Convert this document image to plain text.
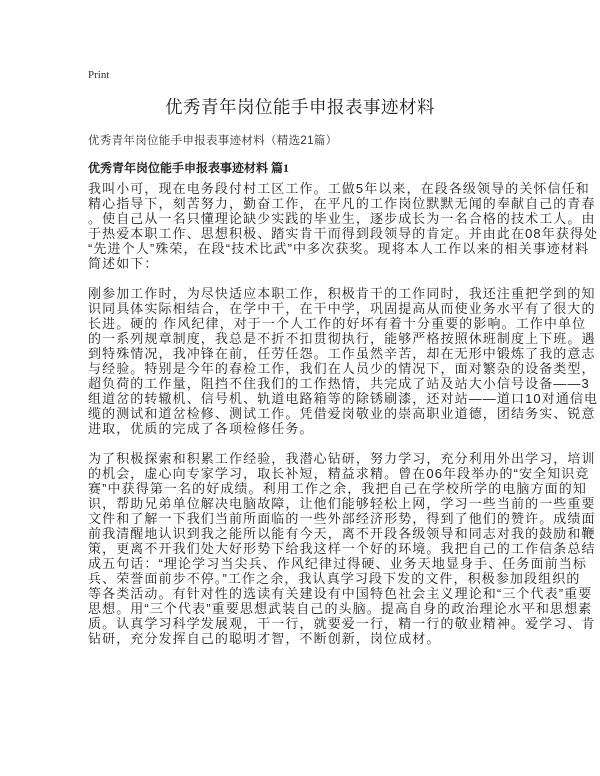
Print
优秀青年岗位能手申报表事迹材料
优秀青年岗位能手申报表事迹材料（精选21篇）
优秀青年岗位能手申报表事迹材料 篇1
我叫小可，现在电务段付村工区工作。工做5年以来，在段各级领导的关怀信任和
精心指导下，刻苦努力，勤奋工作，在平凡的工作岗位默默无闻的奉献自己的青春
。使自己从一名只懂理论缺少实践的毕业生，逐步成长为一名合格的技术工人。由
于热爱本职工作、思想积极、踏实肯干而得到段领导的肯定。并由此在08年获得处
“先进个人”殊荣，在段“技术比武”中多次获奖。现将本人工作以来的相关事迹材料
简述如下：
刚参加工作时，为尽快适应本职工作，积极肯干的工作同时，我还注重把学到的知
识同具体实际相结合，在学中干，在干中学，巩固提高从而使业务水平有了很大的
长进。硬的 作风纪律，对于一个人工作的好坏有着十分重要的影响。工作中单位
的一系列规章制度，我总是不折不扣贯彻执行，能够严格按照休班制度上下班。遇
到特殊情况，我冲锋在前，任劳任怨。工作虽然辛苦，却在无形中锻炼了我的意志
与经验。特别是今年的春检工作，我们在人员少的情况下，面对繁杂的设备类型，
超负荷的工作量，阻挡不住我们的工作热情，共完成了站及站大小信号设备——3
组道岔的转辙机、信号机、轨道电路箱等的除锈刷漆，还对站——道口10对通信电
缆的测试和道岔检修、测试工作。凭借爱岗敬业的崇高职业道德，团结务实、锐意
进取，优质的完成了各项检修任务。
为了积极探索和积累工作经验，我潜心钻研，努力学习，充分利用外出学习，培训
的机会，虚心向专家学习，取长补短，精益求精。曾在06年段举办的“安全知识竞
赛”中获得第一名的好成绩。利用工作之余，我把自己在学校所学的电脑方面的知
识，帮助兄弟单位解决电脑故障，让他们能够轻松上网，学习一些当前的一些重要
文件和了解一下我们当前所面临的一些外部经济形势，得到了他们的赞许。成绩面
前我清醒地认识到我之能所以能有今天，离不开段各级领导和同志对我的鼓励和鞭
策，更离不开我们处大好形势下给我这样一个好的环境。我把自己的工作信条总结
成五句话：“理论学习当尖兵、作风纪律过得硬、业务天地显身手、任务面前当标
兵、荣誉面前步不停。”工作之余，我认真学习段下发的文件，积极参加段组织的
等各类活动。有针对性的选读有关建设有中国特色社会主义理论和“三个代表”重要
思想。用“三个代表”重要思想武装自己的头脑。提高自身的政治理论水平和思想素
质。认真学习科学发展观，干一行，就要爱一行，精一行的敬业精神。爱学习、肯
钻研，充分发挥自己的聪明才智，不断创新，岗位成材。
